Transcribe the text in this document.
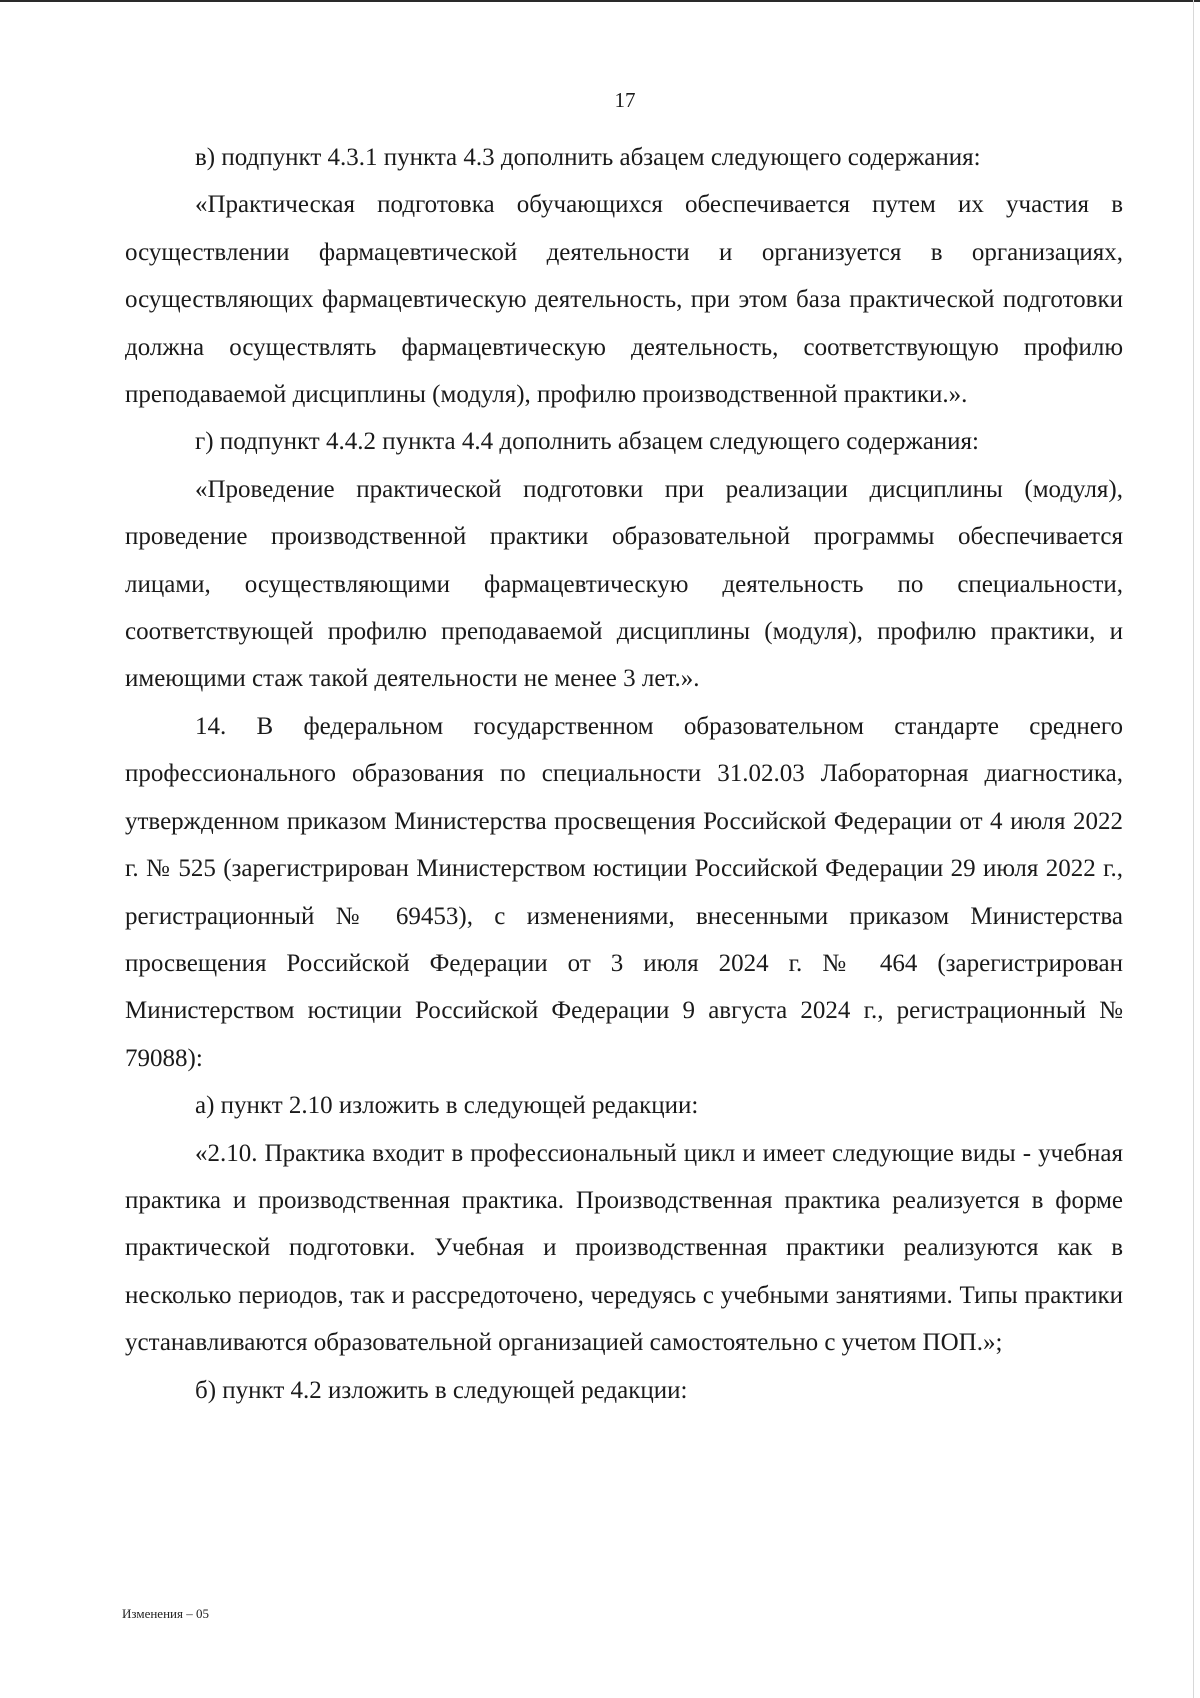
17

в) подпункт 4.3.1 пункта 4.3 дополнить абзацем следующего содержания:

«Практическая подготовка обучающихся обеспечивается путем их участия в осуществлении фармацевтической деятельности и организуется в организациях, осуществляющих фармацевтическую деятельность, при этом база практической подготовки должна осуществлять фармацевтическую деятельность, соответствующую профилю преподаваемой дисциплины (модуля), профилю производственной практики.».

г) подпункт 4.4.2 пункта 4.4 дополнить абзацем следующего содержания:

«Проведение практической подготовки при реализации дисциплины (модуля), проведение производственной практики образовательной программы обеспечивается лицами, осуществляющими фармацевтическую деятельность по специальности, соответствующей профилю преподаваемой дисциплины (модуля), профилю практики, и имеющими стаж такой деятельности не менее 3 лет.».

14. В федеральном государственном образовательном стандарте среднего профессионального образования по специальности 31.02.03 Лабораторная диагностика, утвержденном приказом Министерства просвещения Российской Федерации от 4 июля 2022 г. № 525 (зарегистрирован Министерством юстиции Российской Федерации 29 июля 2022 г., регистрационный № 69453), с изменениями, внесенными приказом Министерства просвещения Российской Федерации от 3 июля 2024 г. № 464 (зарегистрирован Министерством юстиции Российской Федерации 9 августа 2024 г., регистрационный № 79088):

а) пункт 2.10 изложить в следующей редакции:

«2.10. Практика входит в профессиональный цикл и имеет следующие виды - учебная практика и производственная практика. Производственная практика реализуется в форме практической подготовки. Учебная и производственная практики реализуются как в несколько периодов, так и рассредоточено, чередуясь с учебными занятиями. Типы практики устанавливаются образовательной организацией самостоятельно с учетом ПОП.»;

б) пункт 4.2 изложить в следующей редакции:

Изменения – 05
